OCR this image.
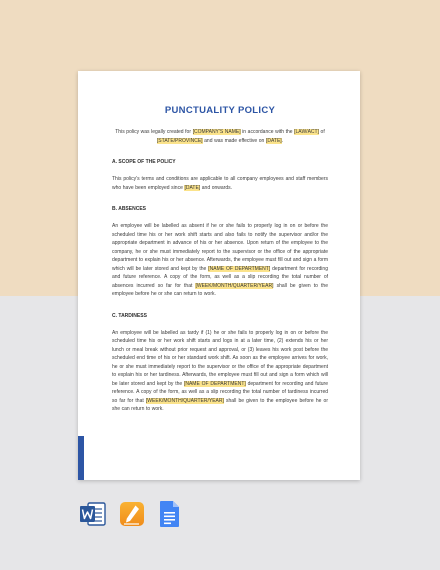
PUNCTUALITY POLICY

This policy was legally created for [COMPANY'S NAME] in accordance with the [LAW/ACT] of [STATE/PROVINCE] and was made effective on [DATE].

A. SCOPE OF THE POLICY

This policy's terms and conditions are applicable to all company employees and staff members who have been employed since [DATE] and onwards.

B. ABSENCES

An employee will be labelled as absent if he or she fails to properly log in on or before the scheduled time his or her work shift starts and also fails to notify the supervisor and/or the appropriate department in advance of his or her absence. Upon return of the employee to the company, he or she must immediately report to the supervisor or the office of the appropriate department to explain his or her absence. Afterwards, the employee must fill out and sign a form which will be later stored and kept by the [NAME OF DEPARTMENT] department for recording and future reference. A copy of the form, as well as a slip recording the total number of absences incurred so far for that [WEEK/MONTH/QUARTER/YEAR] shall be given to the employee before he or she can return to work.

C. TARDINESS

An employee will be labelled as tardy if (1) he or she fails to properly log in on or before the scheduled time his or her work shift starts and logs in at a later time, (2) extends his or her lunch or meal break without prior request and approval, or (3) leaves his work post before the scheduled end time of his or her standard work shift. As soon as the employee arrives for work, he or she must immediately report to the supervisor or the office of the appropriate department to explain his or her tardiness. Afterwards, the employee must fill out and sign a form which will be later stored and kept by the [NAME OF DEPARTMENT] department for recording and future reference. A copy of the form, as well as a slip recording the total number of tardiness incurred so far for that [WEEK/MONTH/QUARTER/YEAR] shall be given to the employee before he or she can return to work.
